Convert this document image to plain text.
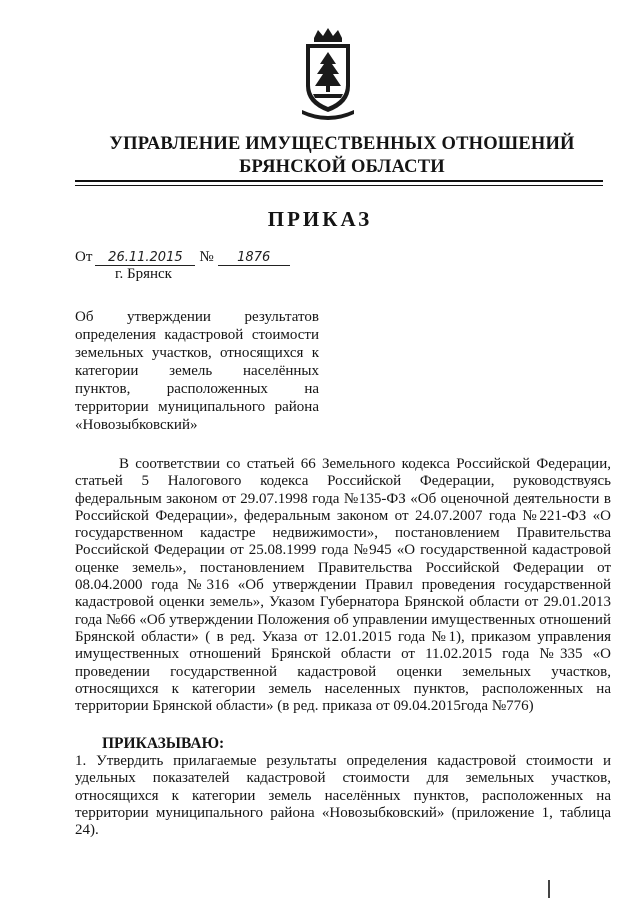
УПРАВЛЕНИЕ ИМУЩЕСТВЕННЫХ ОТНОШЕНИЙ
БРЯНСКОЙ ОБЛАСТИ
ПРИКАЗ
От 26.11.2015 № 1876
г. Брянск
Об утверждении результатов
определения кадастровой стоимости
земельных участков, относящихся к
категории земель населённых
пунктов, расположенных на
территории муниципального района
«Новозыбковский»
В соответствии со статьей 66 Земельного кодекса Российской Федерации,
статьей 5 Налогового кодекса Российской Федерации, руководствуясь
федеральным законом от 29.07.1998 года №135-ФЗ «Об оценочной деятельности в
Российской Федерации», федеральным законом от 24.07.2007 года №221-ФЗ «О
государственном кадастре недвижимости», постановлением Правительства
Российской Федерации от 25.08.1999 года №945 «О государственной кадастровой
оценке земель», постановлением Правительства Российской Федерации от
08.04.2000 года №316 «Об утверждении Правил проведения государственной
кадастровой оценки земель», Указом Губернатора Брянской области от 29.01.2013
года №66 «Об утверждении Положения об управлении имущественных отношений
Брянской области» ( в ред. Указа от 12.01.2015 года №1), приказом управления
имущественных отношений Брянской области от 11.02.2015 года №335 «О
проведении государственной кадастровой оценки земельных участков,
относящихся к категории земель населенных пунктов, расположенных на
территории Брянской области» (в ред. приказа от 09.04.2015года №776)
ПРИКАЗЫВАЮ:
1. Утвердить прилагаемые результаты определения кадастровой стоимости и
удельных показателей кадастровой стоимости для земельных участков,
относящихся к категории земель населённых пунктов, расположенных на
территории муниципального района «Новозыбковский» (приложение 1, таблица
24).
